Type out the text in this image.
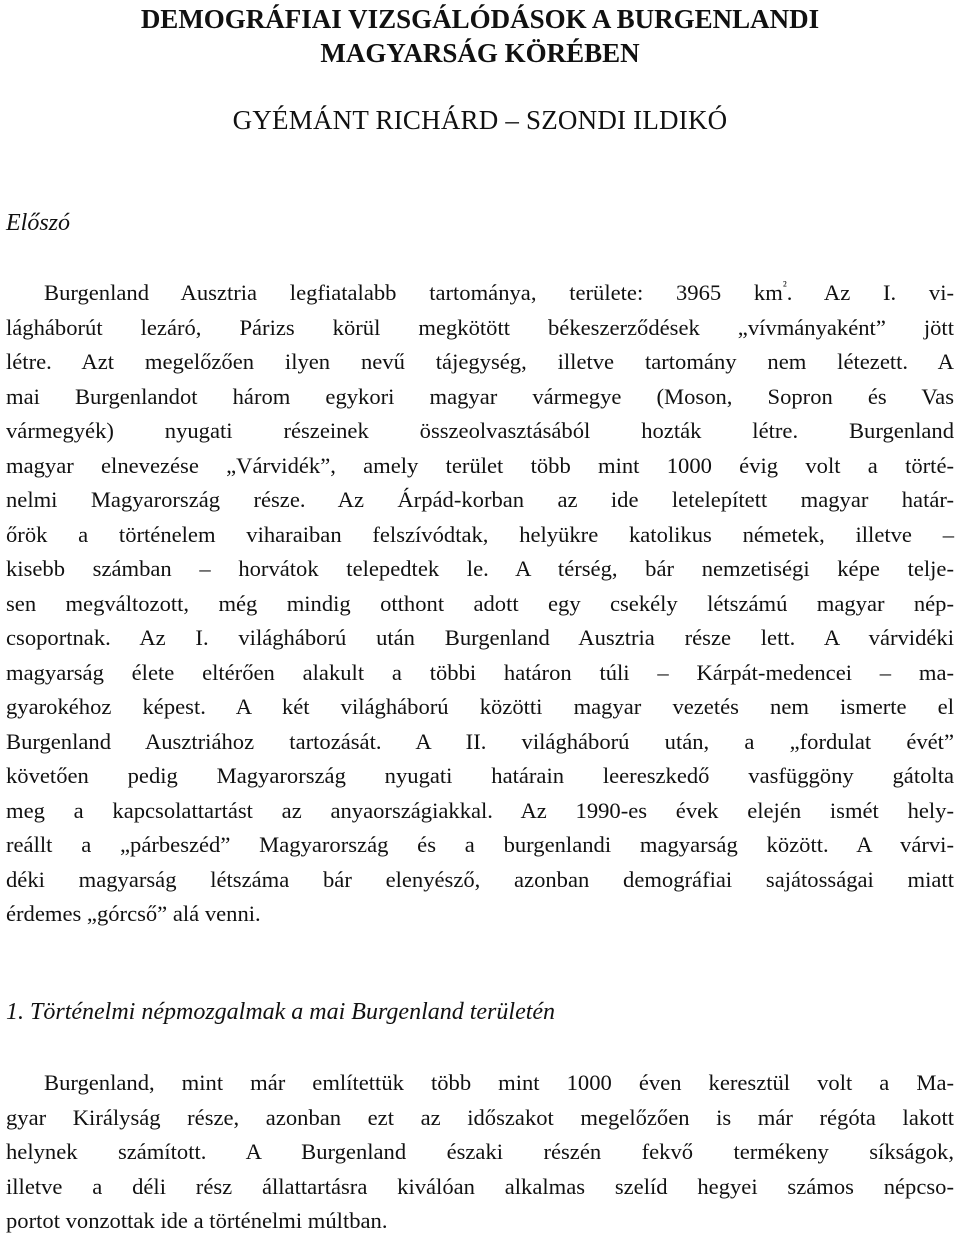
DEMOGRÁFIAI VIZSGÁLÓDÁSOK A BURGENLANDI
MAGYARSÁG KÖRÉBEN
GYÉMÁNT RICHÁRD – SZONDI ILDIKÓ
Előszó
Burgenland Ausztria legfiatalabb tartománya, területe: 3965 $km^{^2}$. Az I. vi-
lágháborút lezáró, Párizs körül megkötött békeszerződések „vívmányaként” jött
létre. Azt megelőzően ilyen nevű tájegység, illetve tartomány nem létezett. A
mai Burgenlandot három egykori magyar vármegye (Moson, Sopron és Vas
vármegyék) nyugati részeinek összeolvasztásából hozták létre. Burgenland
magyar elnevezése „Várvidék”, amely terület több mint 1000 évig volt a törté-
nelmi Magyarország része. Az Árpád-korban az ide letelepített magyar határ-
őrök a történelem viharaiban felszívódtak, helyükre katolikus németek, illetve –
kisebb számban – horvátok telepedtek le. A térség, bár nemzetiségi képe telje-
sen megváltozott, még mindig otthont adott egy csekély létszámú magyar nép-
csoportnak. Az I. világháború után Burgenland Ausztria része lett. A várvidéki
magyarság élete eltérően alakult a többi határon túli – Kárpát-medencei – ma-
gyarokéhoz képest. A két világháború közötti magyar vezetés nem ismerte el
Burgenland Ausztriához tartozását. A II. világháború után, a „fordulat évét”
követően pedig Magyarország nyugati határain leereszkedő vasfüggöny gátolta
meg a kapcsolattartást az anyaországiakkal. Az 1990-es évek elején ismét hely-
reállt a „párbeszéd” Magyarország és a burgenlandi magyarság között. A várvi-
déki magyarság létszáma bár elenyésző, azonban demográfiai sajátosságai miatt
érdemes „górcső” alá venni.
1. Történelmi népmozgalmak a mai Burgenland területén
Burgenland, mint már említettük több mint 1000 éven keresztül volt a Ma-
gyar Királyság része, azonban ezt az időszakot megelőzően is már régóta lakott
helynek számított. A Burgenland északi részén fekvő termékeny síkságok,
illetve a déli rész állattartásra kiválóan alkalmas szelíd hegyei számos népcso-
portot vonzottak ide a történelmi múltban.
